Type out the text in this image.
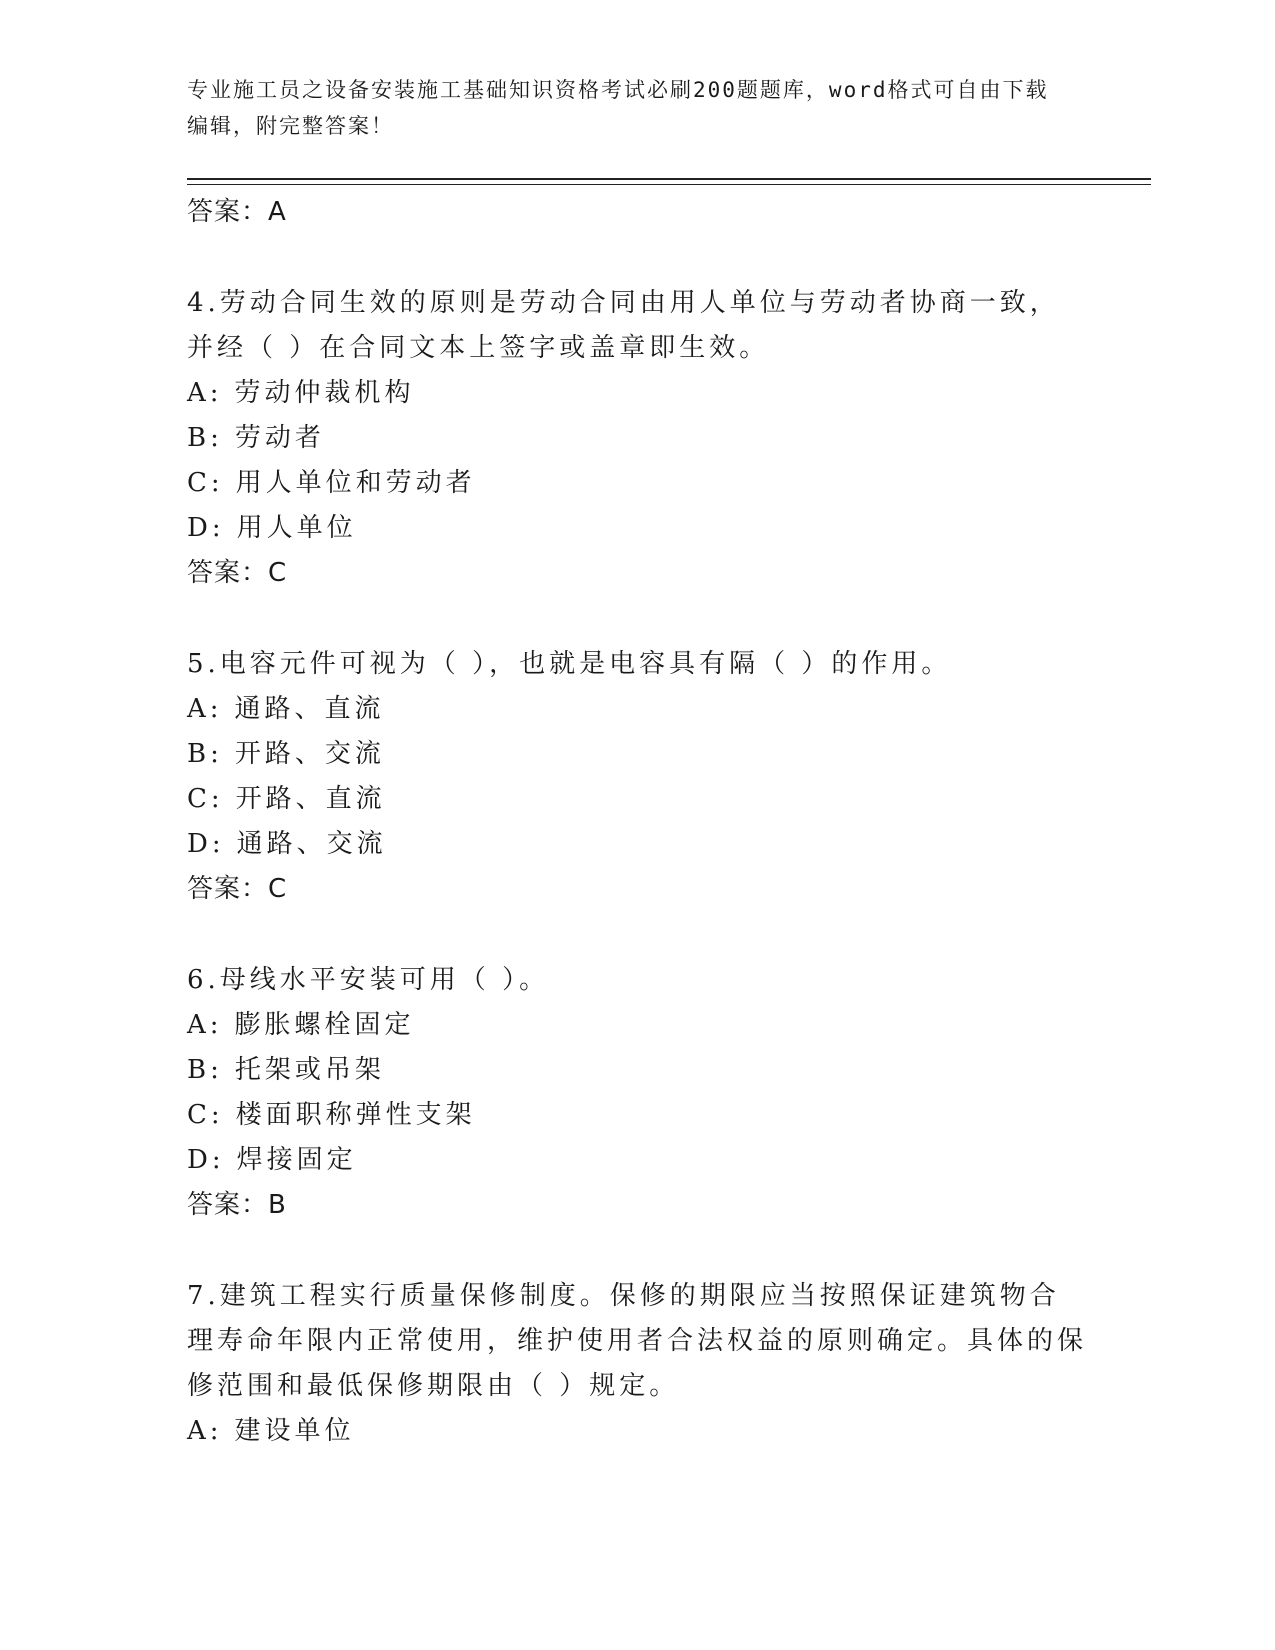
专业施工员之设备安装施工基础知识资格考试必刷200题题库，word格式可自由下载编辑，附完整答案！
答案：A
4.劳动合同生效的原则是劳动合同由用人单位与劳动者协商一致，并经（ ）在合同文本上签字或盖章即生效。
A: 劳动仲裁机构
B: 劳动者
C: 用人单位和劳动者
D: 用人单位
答案：C
5.电容元件可视为（ ），也就是电容具有隔（ ）的作用。
A: 通路、直流
B: 开路、交流
C: 开路、直流
D: 通路、交流
答案：C
6.母线水平安装可用（ ）。
A: 膨胀螺栓固定
B: 托架或吊架
C: 楼面职称弹性支架
D: 焊接固定
答案：B
7.建筑工程实行质量保修制度。保修的期限应当按照保证建筑物合理寿命年限内正常使用，维护使用者合法权益的原则确定。具体的保修范围和最低保修期限由（ ）规定。
A: 建设单位
